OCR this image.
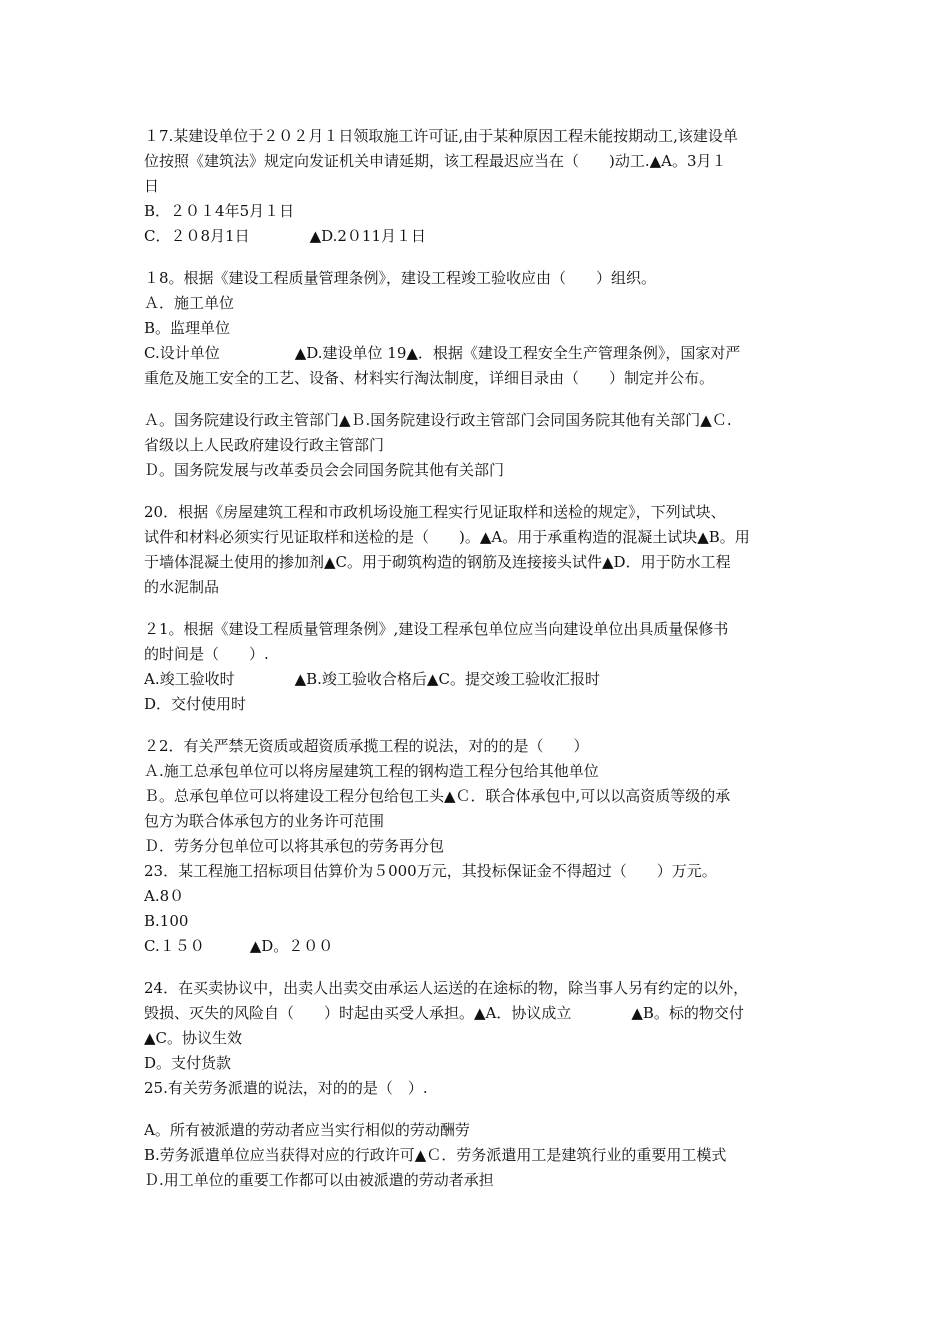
１7.某建设单位于２０２月１日领取施工许可证,由于某种原因工程未能按期动工,该建设单
位按照《建筑法》规定向发证机关申请延期，该工程最迟应当在（　　)动工.▲A。3月１
日
B．２０１4年5月１日
C．２０8月1日　　　　▲D.2０11月１日
１8。根据《建设工程质量管理条例》，建设工程竣工验收应由（　　）组织。
Ａ．施工单位
B。监理单位
C.设计单位　　　　　▲D.建设单位 19▲．根据《建设工程安全生产管理条例》，国家对严
重危及施工安全的工艺、设备、材料实行淘汰制度，详细目录由（　　）制定并公布。
Ａ。国务院建设行政主管部门▲Ｂ.国务院建设行政主管部门会同国务院其他有关部门▲Ｃ.
省级以上人民政府建设行政主管部门
Ｄ。国务院发展与改革委员会会同国务院其他有关部门
20．根据《房屋建筑工程和市政机场设施工程实行见证取样和送检的规定》，下列试块、
试件和材料必须实行见证取样和送检的是（　　)。▲A。用于承重构造的混凝土试块▲B。用
于墙体混凝土使用的掺加剂▲C。用于砌筑构造的钢筋及连接接头试件▲D．用于防水工程
的水泥制品
２1。根据《建设工程质量管理条例》,建设工程承包单位应当向建设单位出具质量保修书
的时间是（　　）.
A.竣工验收时　　　　▲B.竣工验收合格后▲C。提交竣工验收汇报时
D．交付使用时
２2．有关严禁无资质或超资质承揽工程的说法，对的的是（　　）
Ａ.施工总承包单位可以将房屋建筑工程的钢构造工程分包给其他单位
Ｂ。总承包单位可以将建设工程分包给包工头▲Ｃ．联合体承包中,可以以高资质等级的承
包方为联合体承包方的业务许可范围
Ｄ．劳务分包单位可以将其承包的劳务再分包
23．某工程施工招标项目估算价为５000万元，其投标保证金不得超过（　　）万元。
A.8０
B.100
C.１５０　　　▲D。２００
24．在买卖协议中，出卖人出卖交由承运人运送的在途标的物，除当事人另有约定的以外，
毁损、灭失的风险自（　　）时起由买受人承担。▲A．协议成立　　　　▲B。标的物交付
▲C。协议生效
D。支付货款
25.有关劳务派遣的说法，对的的是（　）.
A。所有被派遣的劳动者应当实行相似的劳动酬劳
B.劳务派遣单位应当获得对应的行政许可▲Ｃ．劳务派遣用工是建筑行业的重要用工模式
Ｄ.用工单位的重要工作都可以由被派遣的劳动者承担
